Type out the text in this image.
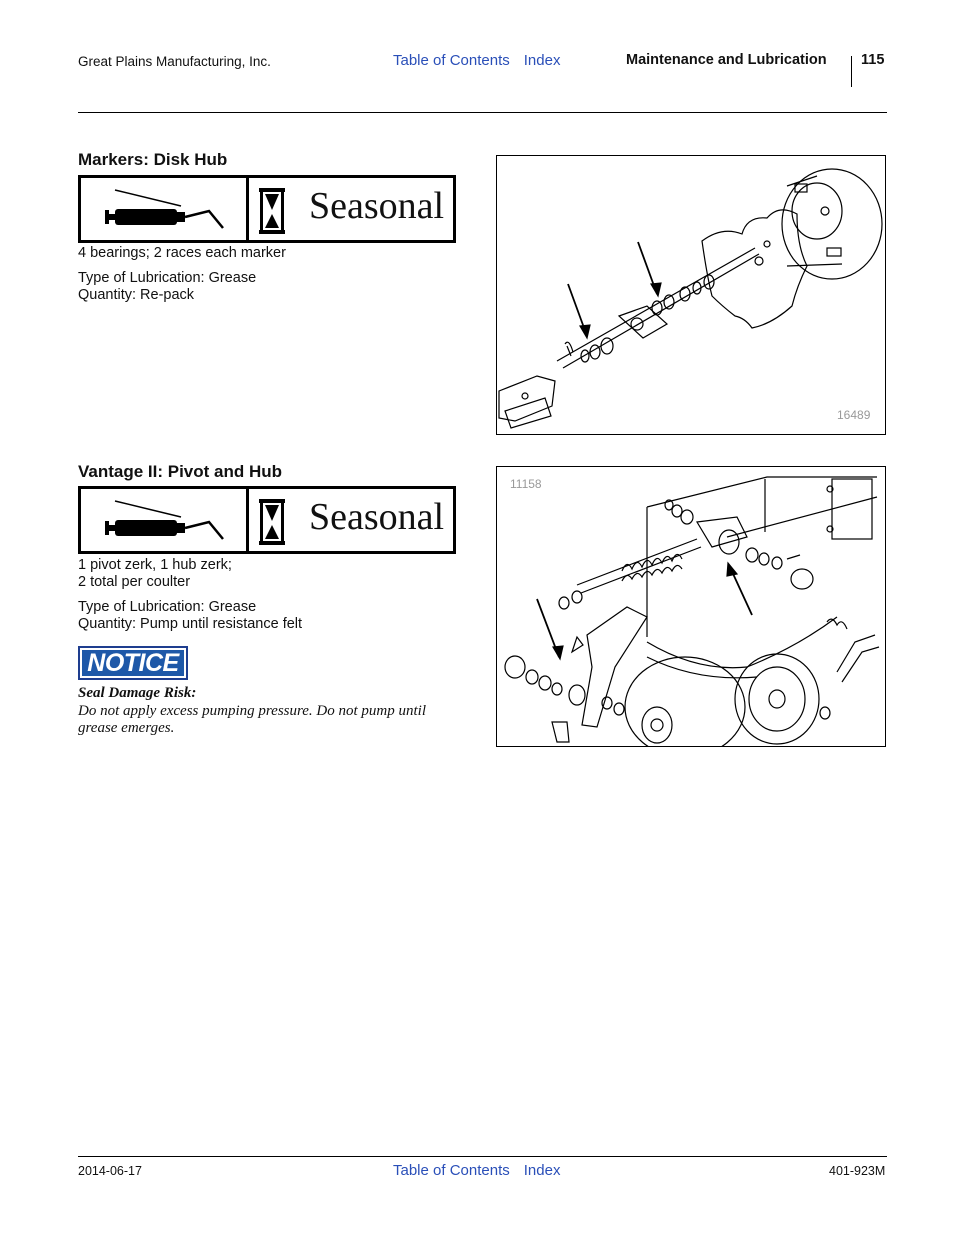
Great Plains Manufacturing, Inc.	Table of Contents Index	Maintenance and Lubrication 115
Markers: Disk Hub
Seasonal
4 bearings; 2 races each marker
Type of Lubrication: Grease
Quantity: Re-pack
16489
Vantage II: Pivot and Hub
Seasonal
1 pivot zerk, 1 hub zerk;
2 total per coulter
Type of Lubrication: Grease
Quantity: Pump until resistance felt
NOTICE
Seal Damage Risk:
Do not apply excess pumping pressure. Do not pump until grease emerges.
11158
2014-06-17	Table of Contents Index	401-923M
